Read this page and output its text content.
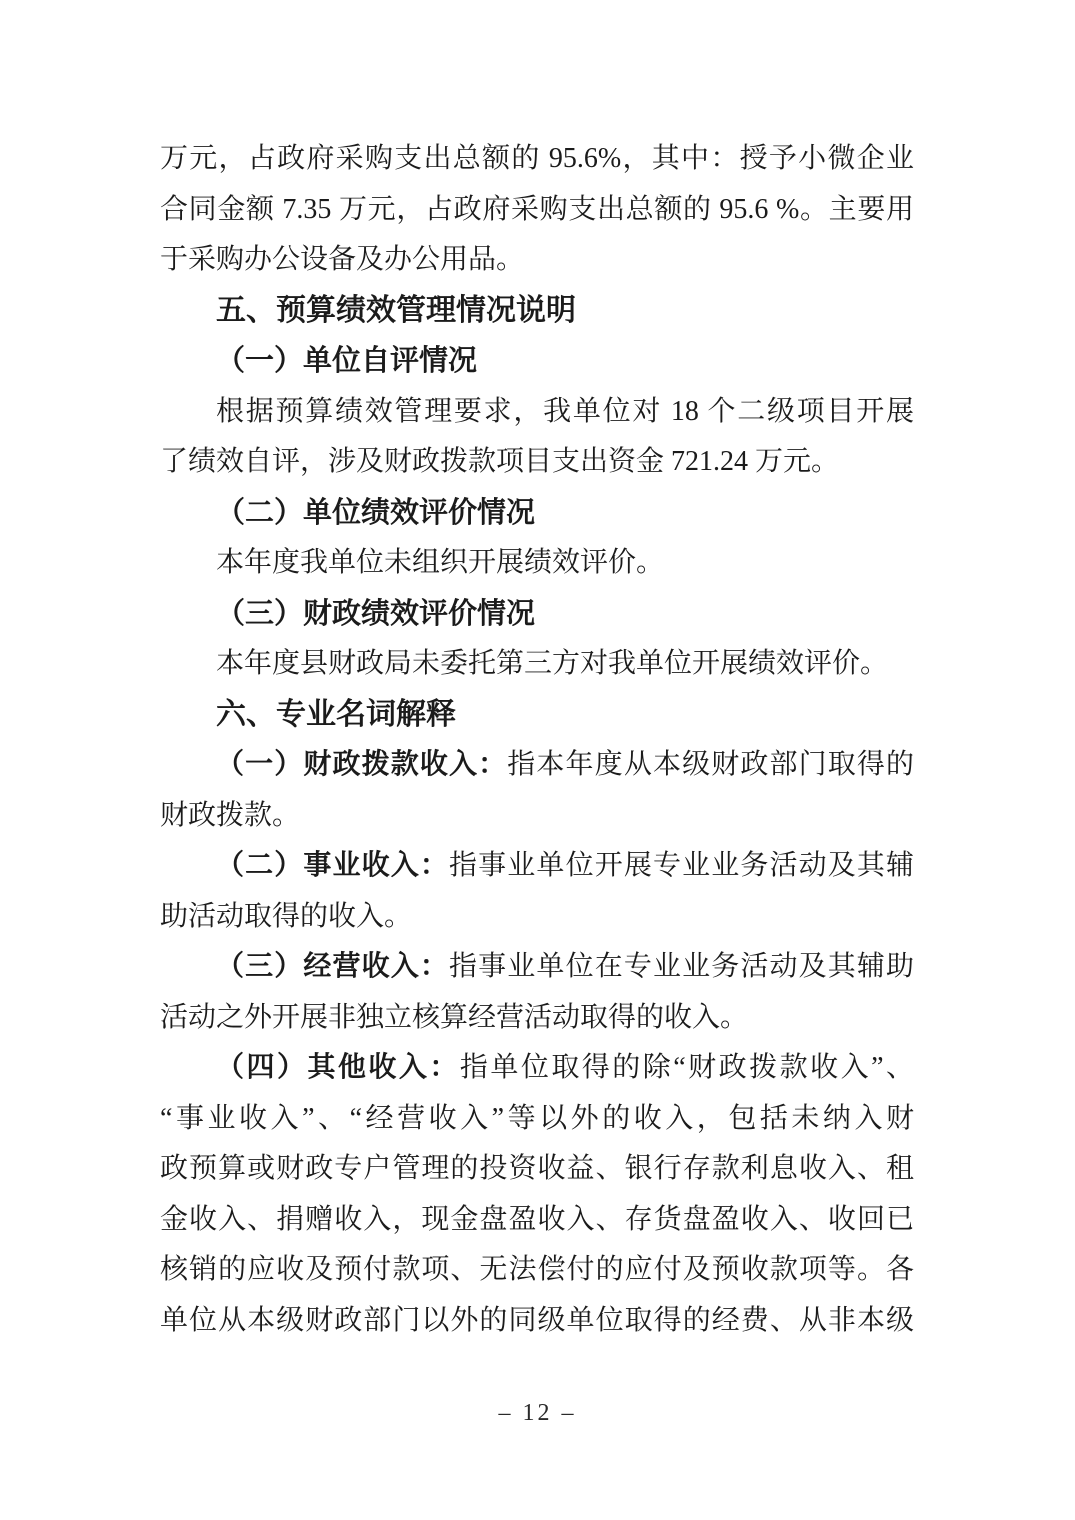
万元，占政府采购支出总额的 95.6%，其中：授予小微企业
合同金额 7.35 万元，占政府采购支出总额的 95.6 %。主要用
于采购办公设备及办公用品。
五、预算绩效管理情况说明
（一）单位自评情况
根据预算绩效管理要求，我单位对 18 个二级项目开展
了绩效自评，涉及财政拨款项目支出资金 721.24 万元。
（二）单位绩效评价情况
本年度我单位未组织开展绩效评价。
（三）财政绩效评价情况
本年度县财政局未委托第三方对我单位开展绩效评价。
六、专业名词解释
（一）财政拨款收入：指本年度从本级财政部门取得的
财政拨款。
（二）事业收入：指事业单位开展专业业务活动及其辅
助活动取得的收入。
（三）经营收入：指事业单位在专业业务活动及其辅助
活动之外开展非独立核算经营活动取得的收入。
（四）其他收入：指单位取得的除“财政拨款收入”、
“事业收入”、“经营收入”等以外的收入，包括未纳入财
政预算或财政专户管理的投资收益、银行存款利息收入、租
金收入、捐赠收入，现金盘盈收入、存货盘盈收入、收回已
核销的应收及预付款项、无法偿付的应付及预收款项等。各
单位从本级财政部门以外的同级单位取得的经费、从非本级
– 12 –
